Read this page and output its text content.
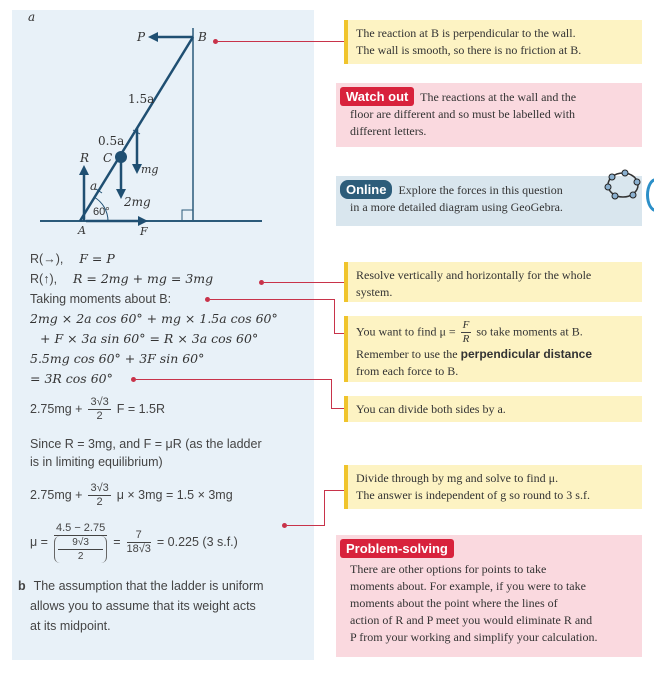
a
P	B
1.5a
0.5a
R C
mg
a
2mg
60°
A	F
R(→), F = P
R(↑), R = 2mg + mg = 3mg
Taking moments about B:
2mg × 2a cos 60° + mg × 1.5a cos 60°
+ F × 3a sin 60° = R × 3a cos 60°
5.5mg cos 60° + 3F sin 60°
= 3R cos 60°
$2.75mg + \frac{3√3}{2}$ F = 1.5R
Since R = 3mg, and F = μR (as the ladder
is in limiting equilibrium)
$2.75mg + \frac{3√3}{2}$ μ × 3mg = 1.5 × 3mg
μ = 4.5 − 2.75
9√3
$2 = \frac{7}{18√3} = 0.225$ (3 s.f.)
b The assumption that the ladder is uniform
allows you to assume that its weight acts
at its midpoint.
The reaction at B is perpendicular to the wall.
The wall is smooth, so there is no friction at B.
Watch out The reactions at the wall and the
floor are different and so must be labelled with
different letters.
Online Explore the forces in this question
in a more detailed diagram using GeoGebra.
Resolve vertically and horizontally for the whole
system.
You want to find $\mu = \frac{F}{R}$ so take moments at B.
Remember to use the perpendicular distance
from each force to B.
You can divide both sides by a.
Divide through by mg and solve to find μ.
The answer is independent of g so round to 3 s.f.
Problem-solving
There are other options for points to take
moments about. For example, if you were to take
moments about the point where the lines of
action of R and P meet you would eliminate R and
P from your working and simplify your calculation.
